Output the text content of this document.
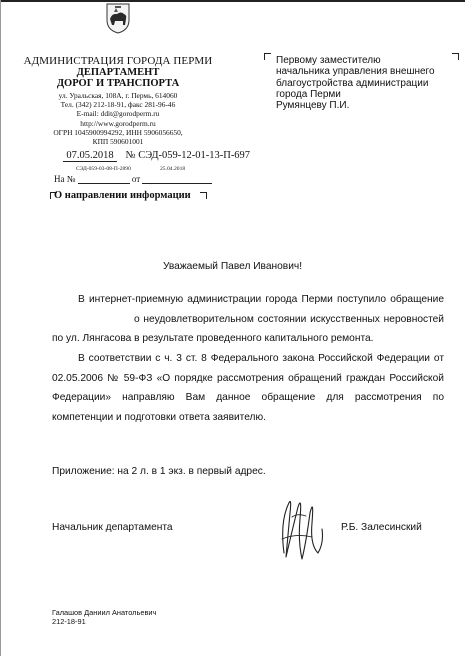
АДМИНИСТРАЦИЯ ГОРОДА ПЕРМИ
ДЕПАРТАМЕНТ
ДОРОГ И ТРАНСПОРТА
ул. Уральская, 108А, г. Пермь, 614060
Тел. (342) 212-18-91, факс 281-96-46
E-mail: ddit@gorodperm.ru
http://www.gorodperm.ru
ОГРН 1045900994292, ИНН 5906056650,
КПП 590601001
07.05.2018 № СЭД-059-12-01-13-П-697
СЭД-059-03-08-П-2890	25.04.2018
На №	от
О направлении информации
Первому заместителю
начальника управления внешнего
благоустройства администрации
города Перми
Румянцеву П.И.
Уважаемый Павел Иванович!

В интернет-приемную администрации города Перми поступило обращение

о неудовлетворительном состоянии искусственных неровностей по ул. Лянгасова в результате проведенного капитального ремонта.

В соответствии с ч. 3 ст. 8 Федерального закона Российской Федерации от 02.05.2006 № 59-ФЗ «О порядке рассмотрения обращений граждан Российской Федерации» направляю Вам данное обращение для рассмотрения по компетенции и подготовки ответа заявителю.

Приложение: на 2 л. в 1 экз. в первый адрес.
Начальник департамента	Р.Б. Залесинский
Галашов Даниил Анатольевич
212-18-91
